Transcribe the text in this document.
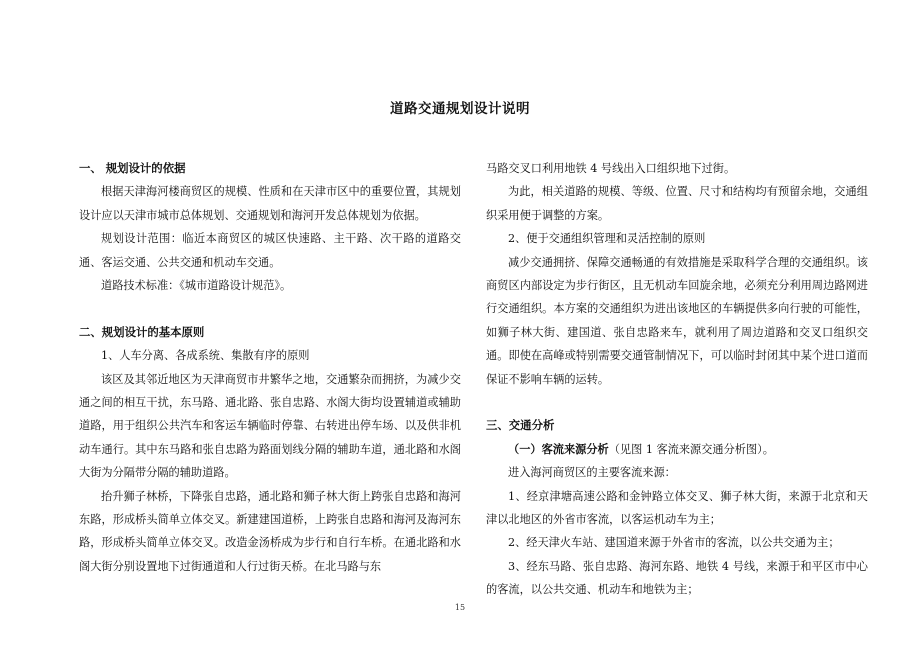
道路交通规划设计说明
一、 规划设计的依据

根据天津海河楼商贸区的规模、性质和在天津市区中的重要位置，其规划设计应以天津市城市总体规划、交通规划和海河开发总体规划为依据。

规划设计范围：临近本商贸区的城区快速路、主干路、次干路的道路交通、客运交通、公共交通和机动车交通。

道路技术标准：《城市道路设计规范》。

二、规划设计的基本原则

1、人车分离、各成系统、集散有序的原则

该区及其邻近地区为天津商贸市井繁华之地，交通繁杂而拥挤，为减少交通之间的相互干扰，东马路、通北路、张自忠路、水阁大街均设置辅道或辅助道路，用于组织公共汽车和客运车辆临时停靠、右转进出停车场、以及供非机动车通行。其中东马路和张自忠路为路面划线分隔的辅助车道，通北路和水阁大街为分隔带分隔的辅助道路。

抬升狮子林桥，下降张自忠路，通北路和狮子林大街上跨张自忠路和海河东路，形成桥头简单立体交叉。新建建国道桥，上跨张自忠路和海河及海河东路，形成桥头简单立体交叉。改造金汤桥成为步行和自行车桥。在通北路和水阁大街分别设置地下过街通道和人行过街天桥。在北马路与东

马路交叉口利用地铁 4 号线出入口组织地下过街。

为此，相关道路的规模、等级、位置、尺寸和结构均有预留余地，交通组织采用便于调整的方案。

2、便于交通组织管理和灵活控制的原则

减少交通拥挤、保障交通畅通的有效措施是采取科学合理的交通组织。该商贸区内部设定为步行街区，且无机动车回旋余地，必须充分利用周边路网进行交通组织。本方案的交通组织为进出该地区的车辆提供多向行驶的可能性，如狮子林大街、建国道、张自忠路来车，就利用了周边道路和交叉口组织交通。即使在高峰或特别需要交通管制情况下，可以临时封闭其中某个进口道而保证不影响车辆的运转。

三、交通分析

（一）客流来源分析（见图 1 客流来源交通分析图）。

进入海河商贸区的主要客流来源：

1、经京津塘高速公路和金钟路立体交叉、狮子林大街，来源于北京和天津以北地区的外省市客流，以客运机动车为主；

2、经天津火车站、建国道来源于外省市的客流，以公共交通为主；

3、经东马路、张自忠路、海河东路、地铁 4 号线，来源于和平区市中心的客流，以公共交通、机动车和地铁为主；

15
